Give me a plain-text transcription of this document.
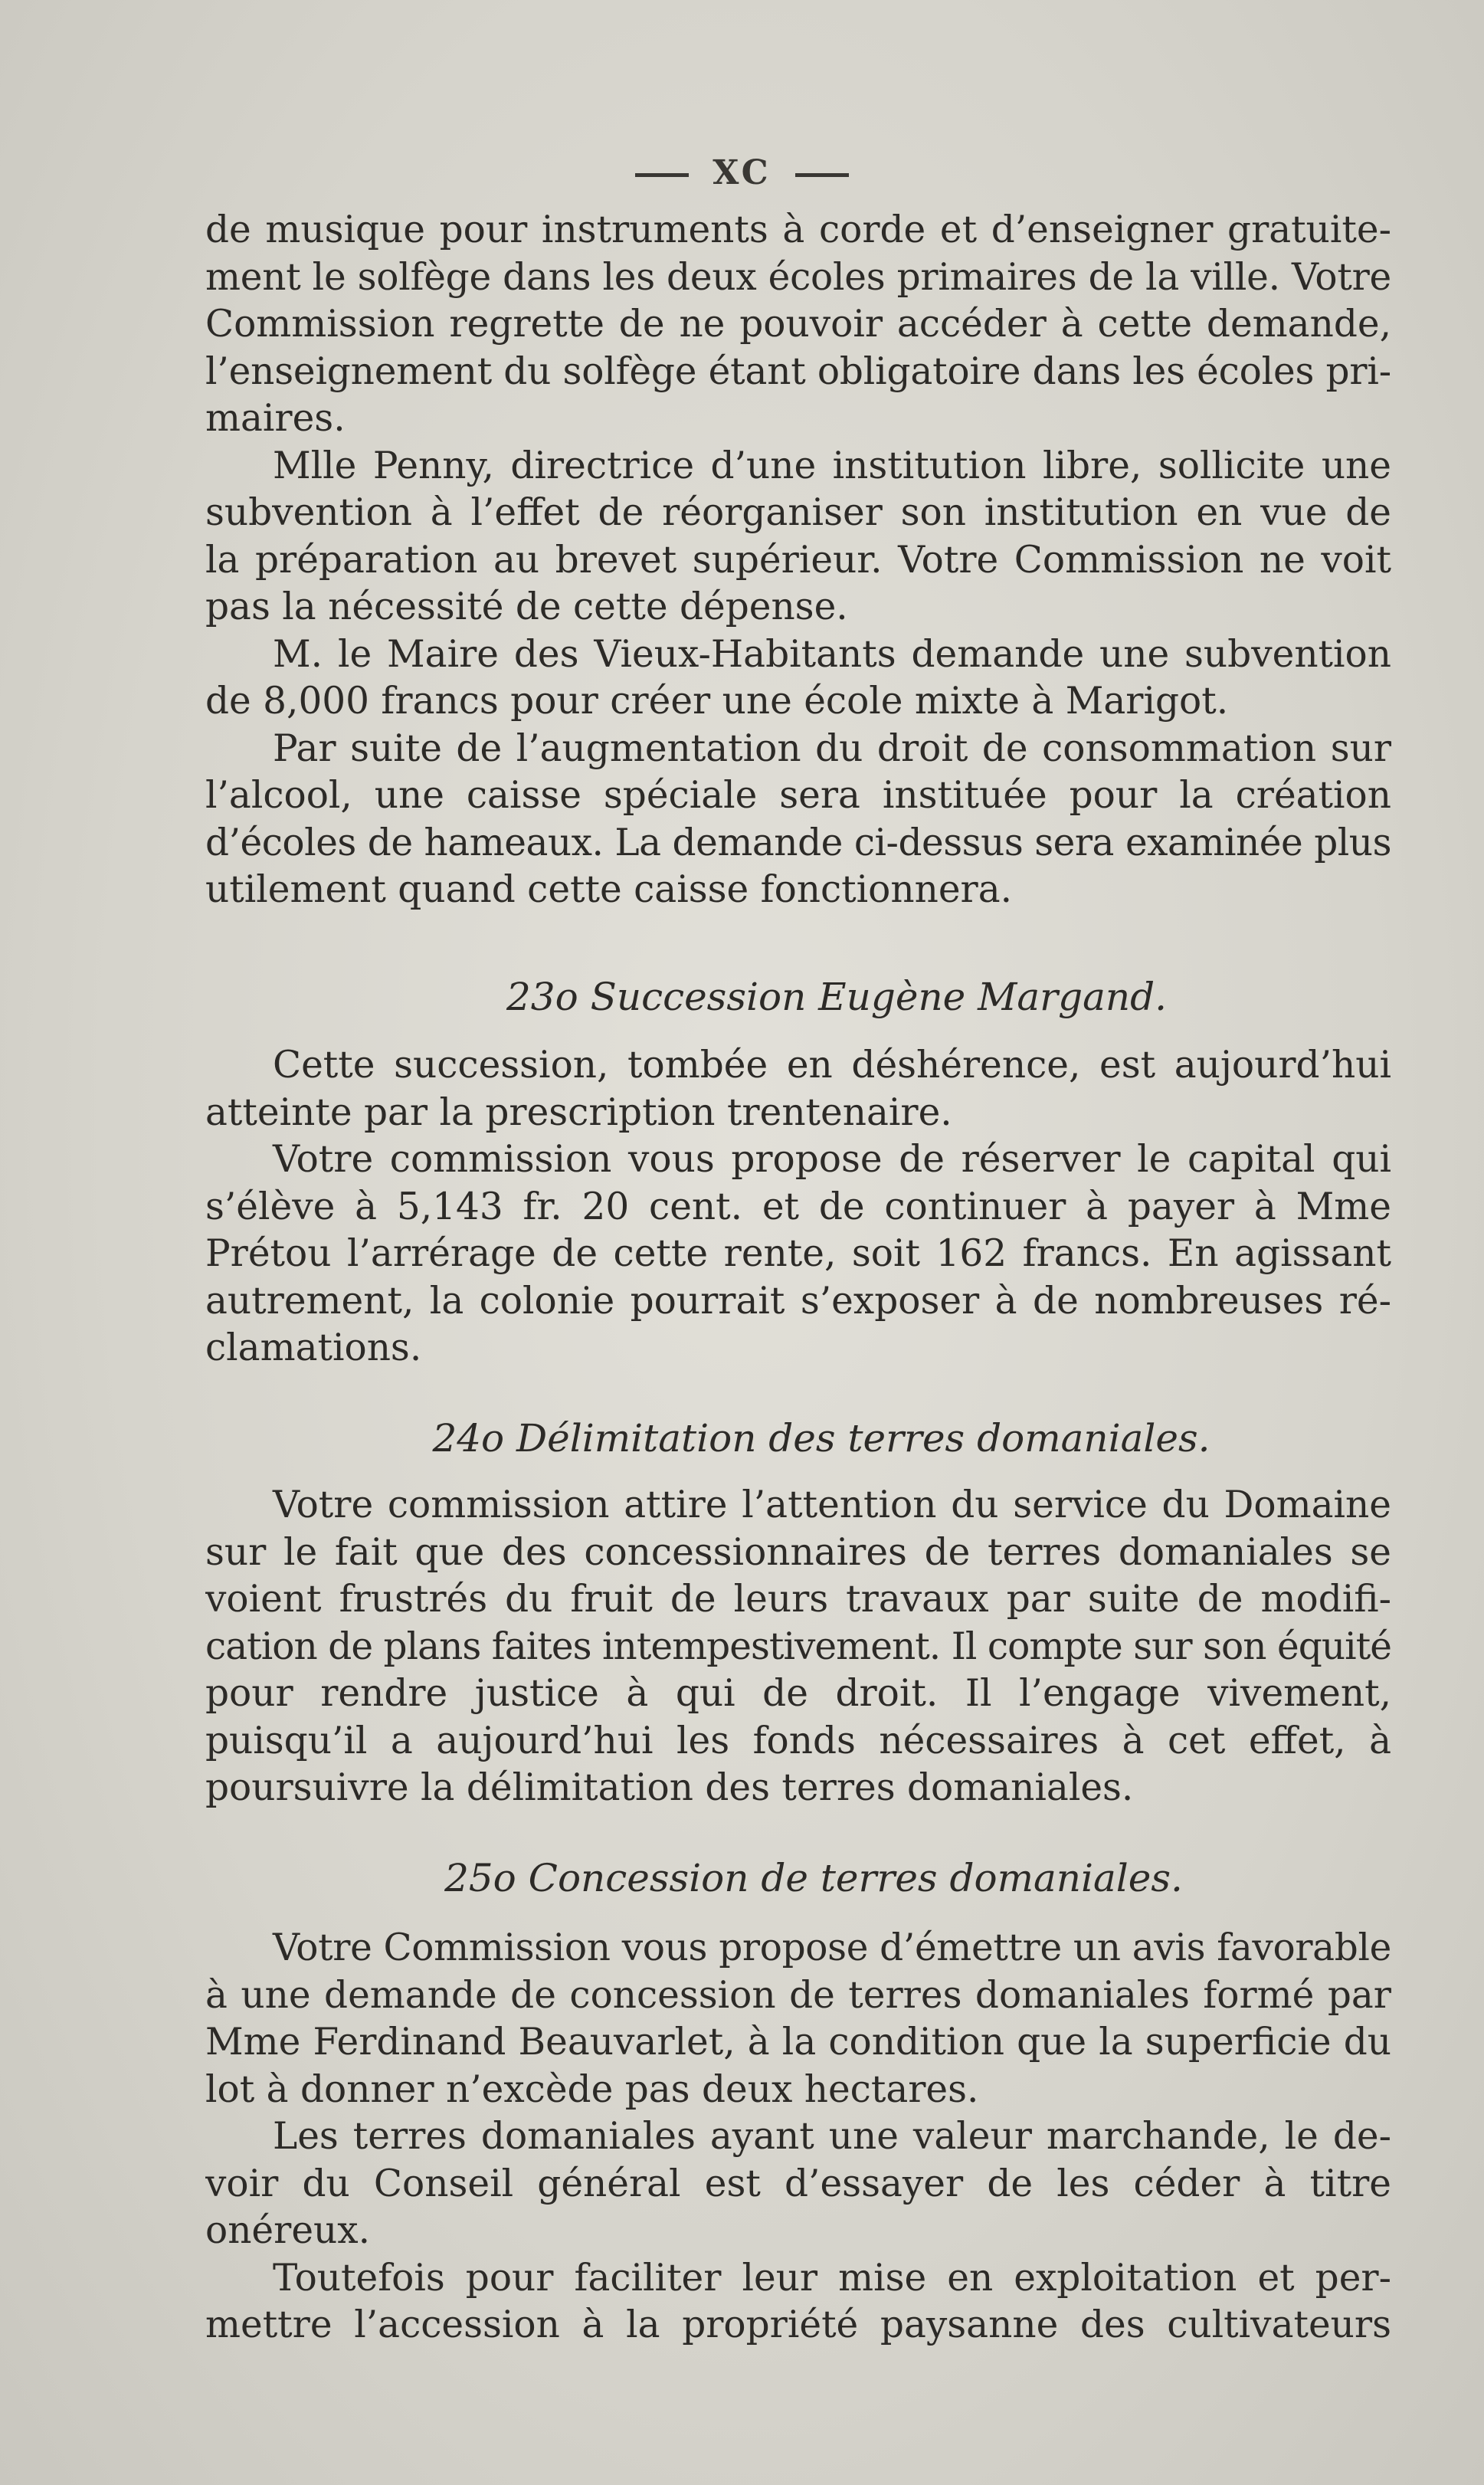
XC
de musique pour instruments à corde et d’enseigner gratuite-
ment le solfège dans les deux écoles primaires de la ville. Votre
Commission regrette de ne pouvoir accéder à cette demande,
l’enseignement du solfège étant obligatoire dans les écoles pri-
maires.
Mlle Penny, directrice d’une institution libre, sollicite une
subvention à l’effet de réorganiser son institution en vue de
la préparation au brevet supérieur. Votre Commission ne voit
pas la nécessité de cette dépense.
M. le Maire des Vieux-Habitants demande une subvention
de 8,000 francs pour créer une école mixte à Marigot.
Par suite de l’augmentation du droit de consommation sur
l’alcool, une caisse spéciale sera instituée pour la création
d’écoles de hameaux. La demande ci-dessus sera examinée plus
utilement quand cette caisse fonctionnera.
23o Succession Eugène Margand.
Cette succession, tombée en déshérence, est aujourd’hui
atteinte par la prescription trentenaire.
Votre commission vous propose de réserver le capital qui
s’élève à 5,143 fr. 20 cent. et de continuer à payer à Mme
Prétou l’arrérage de cette rente, soit 162 francs. En agissant
autrement, la colonie pourrait s’exposer à de nombreuses ré-
clamations.
24o Délimitation des terres domaniales.
Votre commission attire l’attention du service du Domaine
sur le fait que des concessionnaires de terres domaniales se
voient frustrés du fruit de leurs travaux par suite de modifi-
cation de plans faites intempestivement. Il compte sur son équité
pour rendre justice à qui de droit. Il l’engage vivement,
puisqu’il a aujourd’hui les fonds nécessaires à cet effet, à
poursuivre la délimitation des terres domaniales.
25o Concession de terres domaniales.
Votre Commission vous propose d’émettre un avis favorable
à une demande de concession de terres domaniales formé par
Mme Ferdinand Beauvarlet, à la condition que la superficie du
lot à donner n’excède pas deux hectares.
Les terres domaniales ayant une valeur marchande, le de-
voir du Conseil général est d’essayer de les céder à titre
onéreux.
Toutefois pour faciliter leur mise en exploitation et per-
mettre l’accession à la propriété paysanne des cultivateurs
